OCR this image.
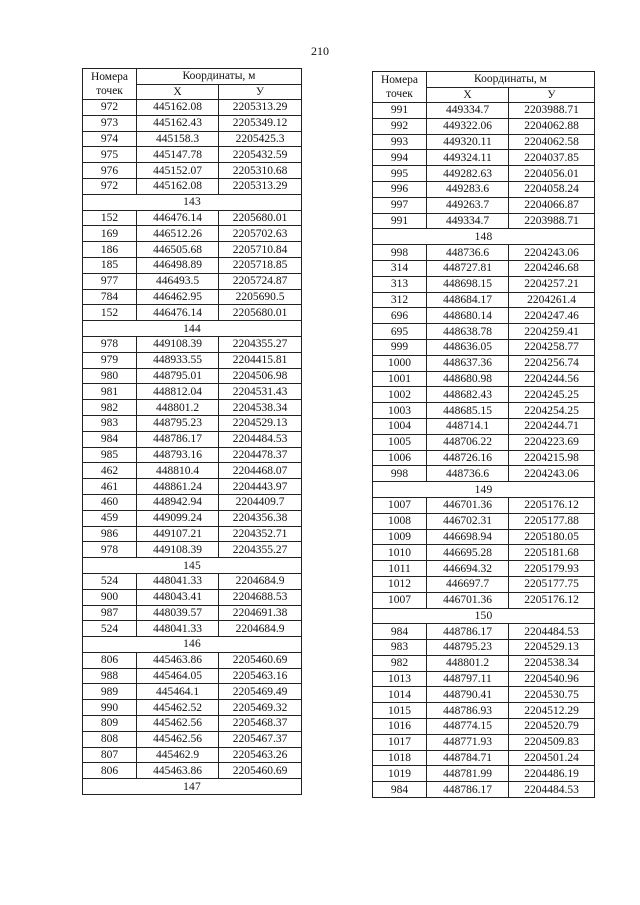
210
Номера точек	Координаты, м	
	Х	У
972	445162.08	2205313.29
973	445162.43	2205349.12
974	445158.3	2205425.3
975	445147.78	2205432.59
976	445152.07	2205310.68
972	445162.08	2205313.29
143		
152	446476.14	2205680.01
169	446512.26	2205702.63
186	446505.68	2205710.84
185	446498.89	2205718.85
977	446493.5	2205724.87
784	446462.95	2205690.5
152	446476.14	2205680.01
144		
978	449108.39	2204355.27
979	448933.55	2204415.81
980	448795.01	2204506.98
981	448812.04	2204531.43
982	448801.2	2204538.34
983	448795.23	2204529.13
984	448786.17	2204484.53
985	448793.16	2204478.37
462	448810.4	2204468.07
461	448861.24	2204443.97
460	448942.94	2204409.7
459	449099.24	2204356.38
986	449107.21	2204352.71
978	449108.39	2204355.27
145		
524	448041.33	2204684.9
900	448043.41	2204688.53
987	448039.57	2204691.38
524	448041.33	2204684.9
146		
806	445463.86	2205460.69
988	445464.05	2205463.16
989	445464.1	2205469.49
990	445462.52	2205469.32
809	445462.56	2205468.37
808	445462.56	2205467.37
807	445462.9	2205463.26
806	445463.86	2205460.69
147		
Номера точек	Координаты, м	
	Х	У
991	449334.7	2203988.71
992	449322.06	2204062.88
993	449320.11	2204062.58
994	449324.11	2204037.85
995	449282.63	2204056.01
996	449283.6	2204058.24
997	449263.7	2204066.87
991	449334.7	2203988.71
148		
998	448736.6	2204243.06
314	448727.81	2204246.68
313	448698.15	2204257.21
312	448684.17	2204261.4
696	448680.14	2204247.46
695	448638.78	2204259.41
999	448636.05	2204258.77
1000	448637.36	2204256.74
1001	448680.98	2204244.56
1002	448682.43	2204245.25
1003	448685.15	2204254.25
1004	448714.1	2204244.71
1005	448706.22	2204223.69
1006	448726.16	2204215.98
998	448736.6	2204243.06
149		
1007	446701.36	2205176.12
1008	446702.31	2205177.88
1009	446698.94	2205180.05
1010	446695.28	2205181.68
1011	446694.32	2205179.93
1012	446697.7	2205177.75
1007	446701.36	2205176.12
150		
984	448786.17	2204484.53
983	448795.23	2204529.13
982	448801.2	2204538.34
1013	448797.11	2204540.96
1014	448790.41	2204530.75
1015	448786.93	2204512.29
1016	448774.15	2204520.79
1017	448771.93	2204509.83
1018	448784.71	2204501.24
1019	448781.99	2204486.19
984	448786.17	2204484.53
